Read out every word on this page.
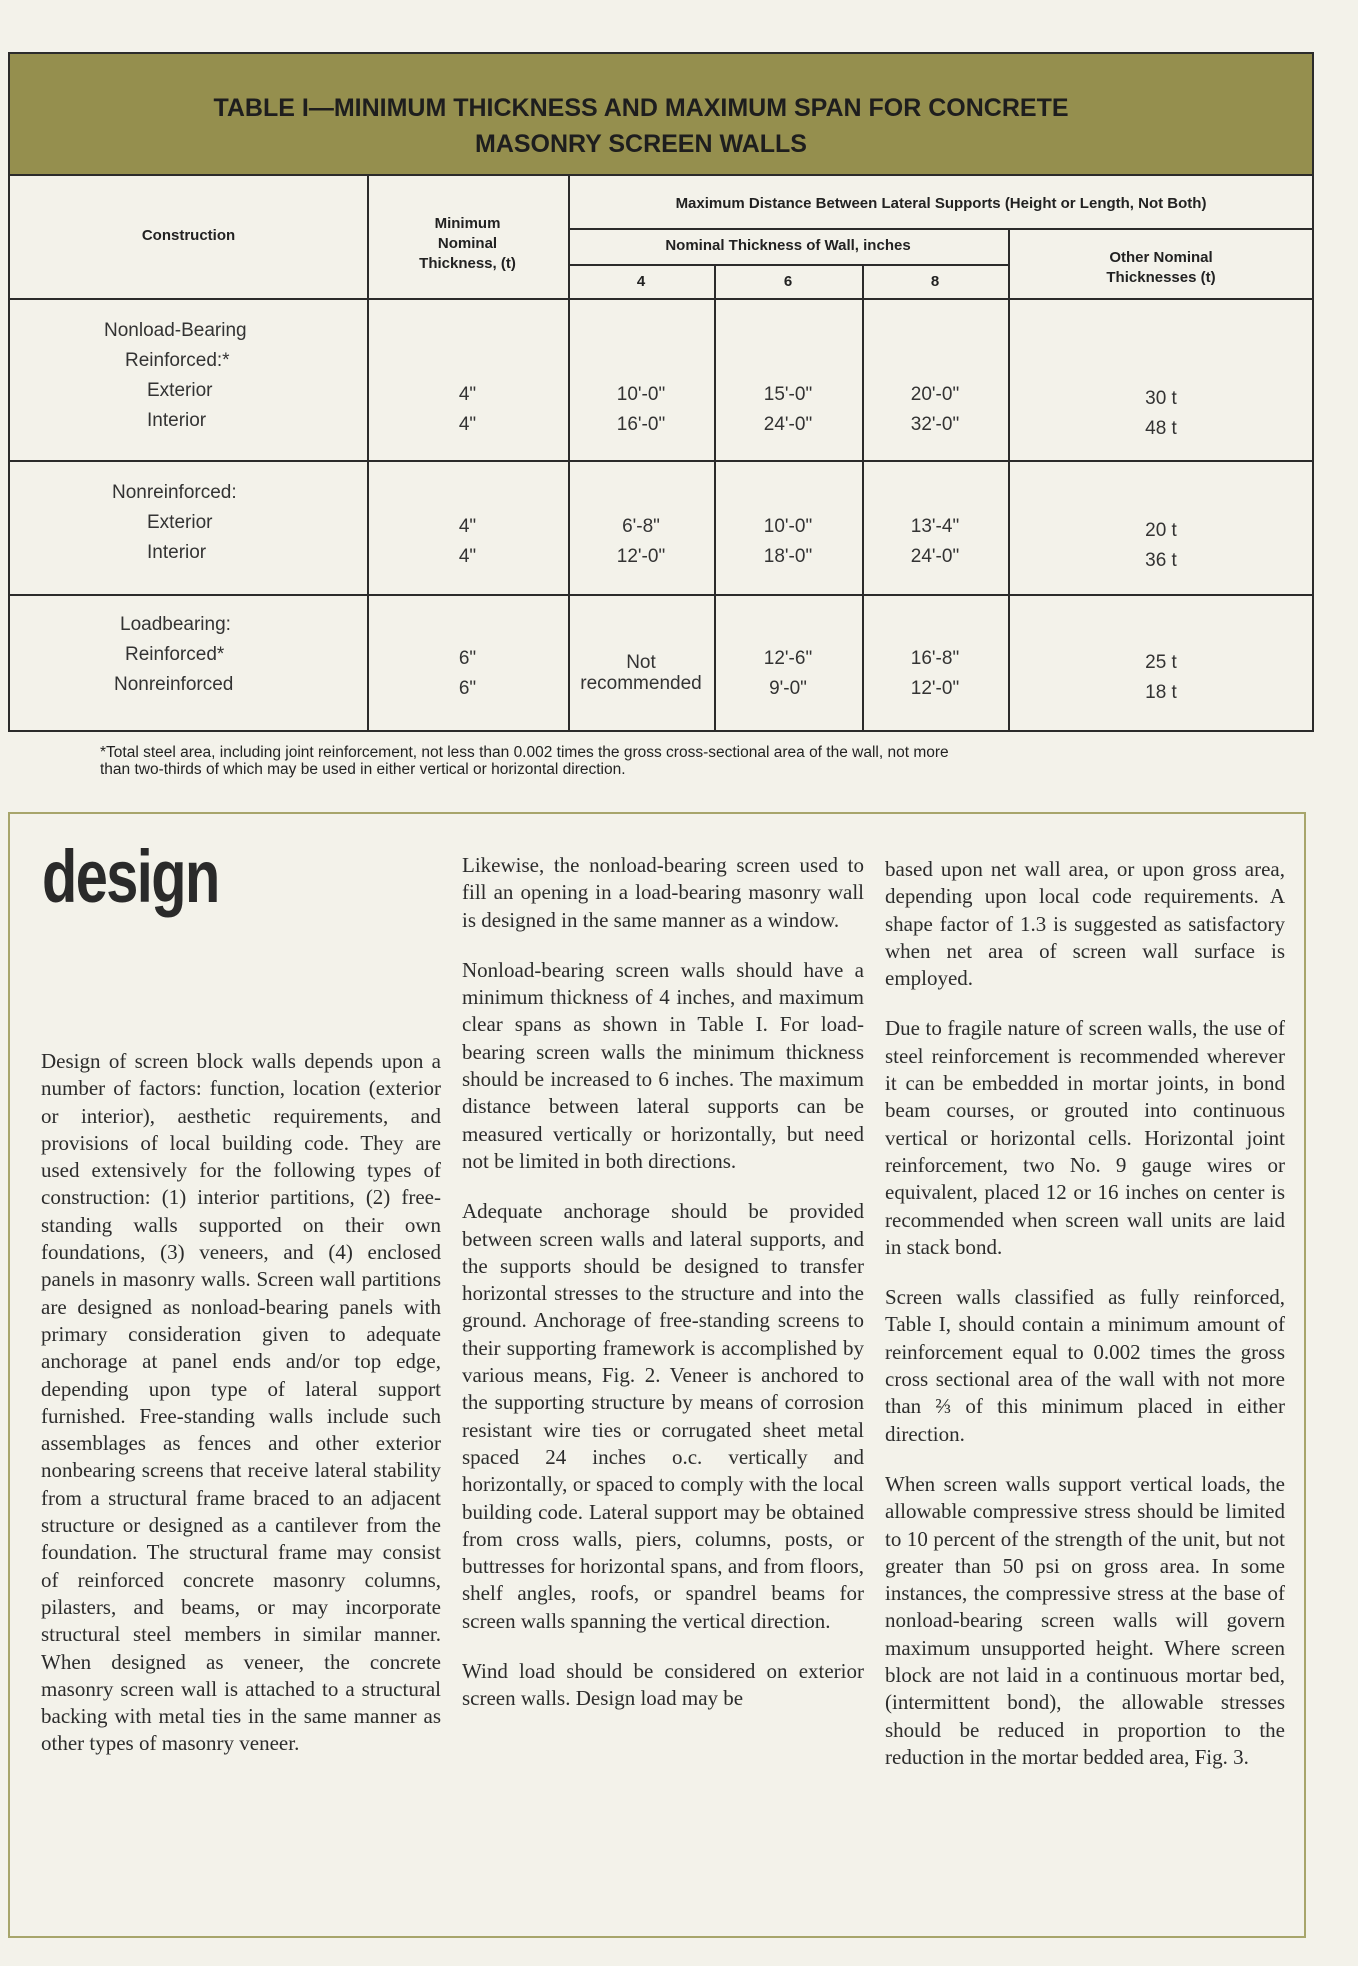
TABLE I—MINIMUM THICKNESS AND MAXIMUM SPAN FOR CONCRETE
MASONRY SCREEN WALLS
Construction
Minimum
Nominal
Thickness, (t)
Maximum Distance Between Lateral Supports (Height or Length, Not Both)
Nominal Thickness of Wall, inches
4	6	8
Other Nominal
Thicknesses (t)
Nonload-Bearing
Reinforced:*
Exterior
Interior
4"
4"
10'-0"
16'-0"
15'-0"
24'-0"
20'-0"
32'-0"
30 t
48 t
Nonreinforced:
Exterior
Interior
4"
4"
6'-8"
12'-0"
10'-0"
18'-0"
13'-4"
24'-0"
20 t
36 t
Loadbearing:
Reinforced*
Nonreinforced
6"
6"
Not
recommended
12'-6"
9'-0"
16'-8"
12'-0"
25 t
18 t
*Total steel area, including joint reinforcement, not less than 0.002 times the gross cross-sectional area of the wall, not more
than two-thirds of which may be used in either vertical or horizontal direction.
design

Design of screen block walls depends upon a number of factors: function, location (exterior or interior), aesthetic requirements, and provisions of local building code. They are used extensively for the following types of construction: (1) interior partitions, (2) free-standing walls supported on their own foundations, (3) veneers, and (4) enclosed panels in masonry walls. Screen wall partitions are designed as nonload-bearing panels with primary consideration given to adequate anchorage at panel ends and/or top edge, depending upon type of lateral support furnished. Free-standing walls include such assemblages as fences and other exterior nonbearing screens that receive lateral stability from a structural frame braced to an adjacent structure or designed as a cantilever from the foundation. The structural frame may consist of reinforced concrete masonry columns, pilasters, and beams, or may incorporate structural steel members in similar manner. When designed as veneer, the concrete masonry screen wall is attached to a structural backing with metal ties in the same manner as other types of masonry veneer.

Likewise, the nonload-bearing screen used to fill an opening in a load-bearing masonry wall is designed in the same manner as a window.

Nonload-bearing screen walls should have a minimum thickness of 4 inches, and maximum clear spans as shown in Table I. For load-bearing screen walls the minimum thickness should be increased to 6 inches. The maximum distance between lateral supports can be measured vertically or horizontally, but need not be limited in both directions.

Adequate anchorage should be provided between screen walls and lateral supports, and the supports should be designed to transfer horizontal stresses to the structure and into the ground. Anchorage of free-standing screens to their supporting framework is accomplished by various means, Fig. 2. Veneer is anchored to the supporting structure by means of corrosion resistant wire ties or corrugated sheet metal spaced 24 inches o.c. vertically and horizontally, or spaced to comply with the local building code. Lateral support may be obtained from cross walls, piers, columns, posts, or buttresses for horizontal spans, and from floors, shelf angles, roofs, or spandrel beams for screen walls spanning the vertical direction.

Wind load should be considered on exterior screen walls. Design load may be

based upon net wall area, or upon gross area, depending upon local code requirements. A shape factor of 1.3 is suggested as satisfactory when net area of screen wall surface is employed.

Due to fragile nature of screen walls, the use of steel reinforcement is recommended wherever it can be embedded in mortar joints, in bond beam courses, or grouted into continuous vertical or horizontal cells. Horizontal joint reinforcement, two No. 9 gauge wires or equivalent, placed 12 or 16 inches on center is recommended when screen wall units are laid in stack bond.

Screen walls classified as fully reinforced, Table I, should contain a minimum amount of reinforcement equal to 0.002 times the gross cross sectional area of the wall with not more than ⅔ of this minimum placed in either direction.

When screen walls support vertical loads, the allowable compressive stress should be limited to 10 percent of the strength of the unit, but not greater than 50 psi on gross area. In some instances, the compressive stress at the base of nonload-bearing screen walls will govern maximum unsupported height. Where screen block are not laid in a continuous mortar bed, (intermittent bond), the allowable stresses should be reduced in proportion to the reduction in the mortar bedded area, Fig. 3.
